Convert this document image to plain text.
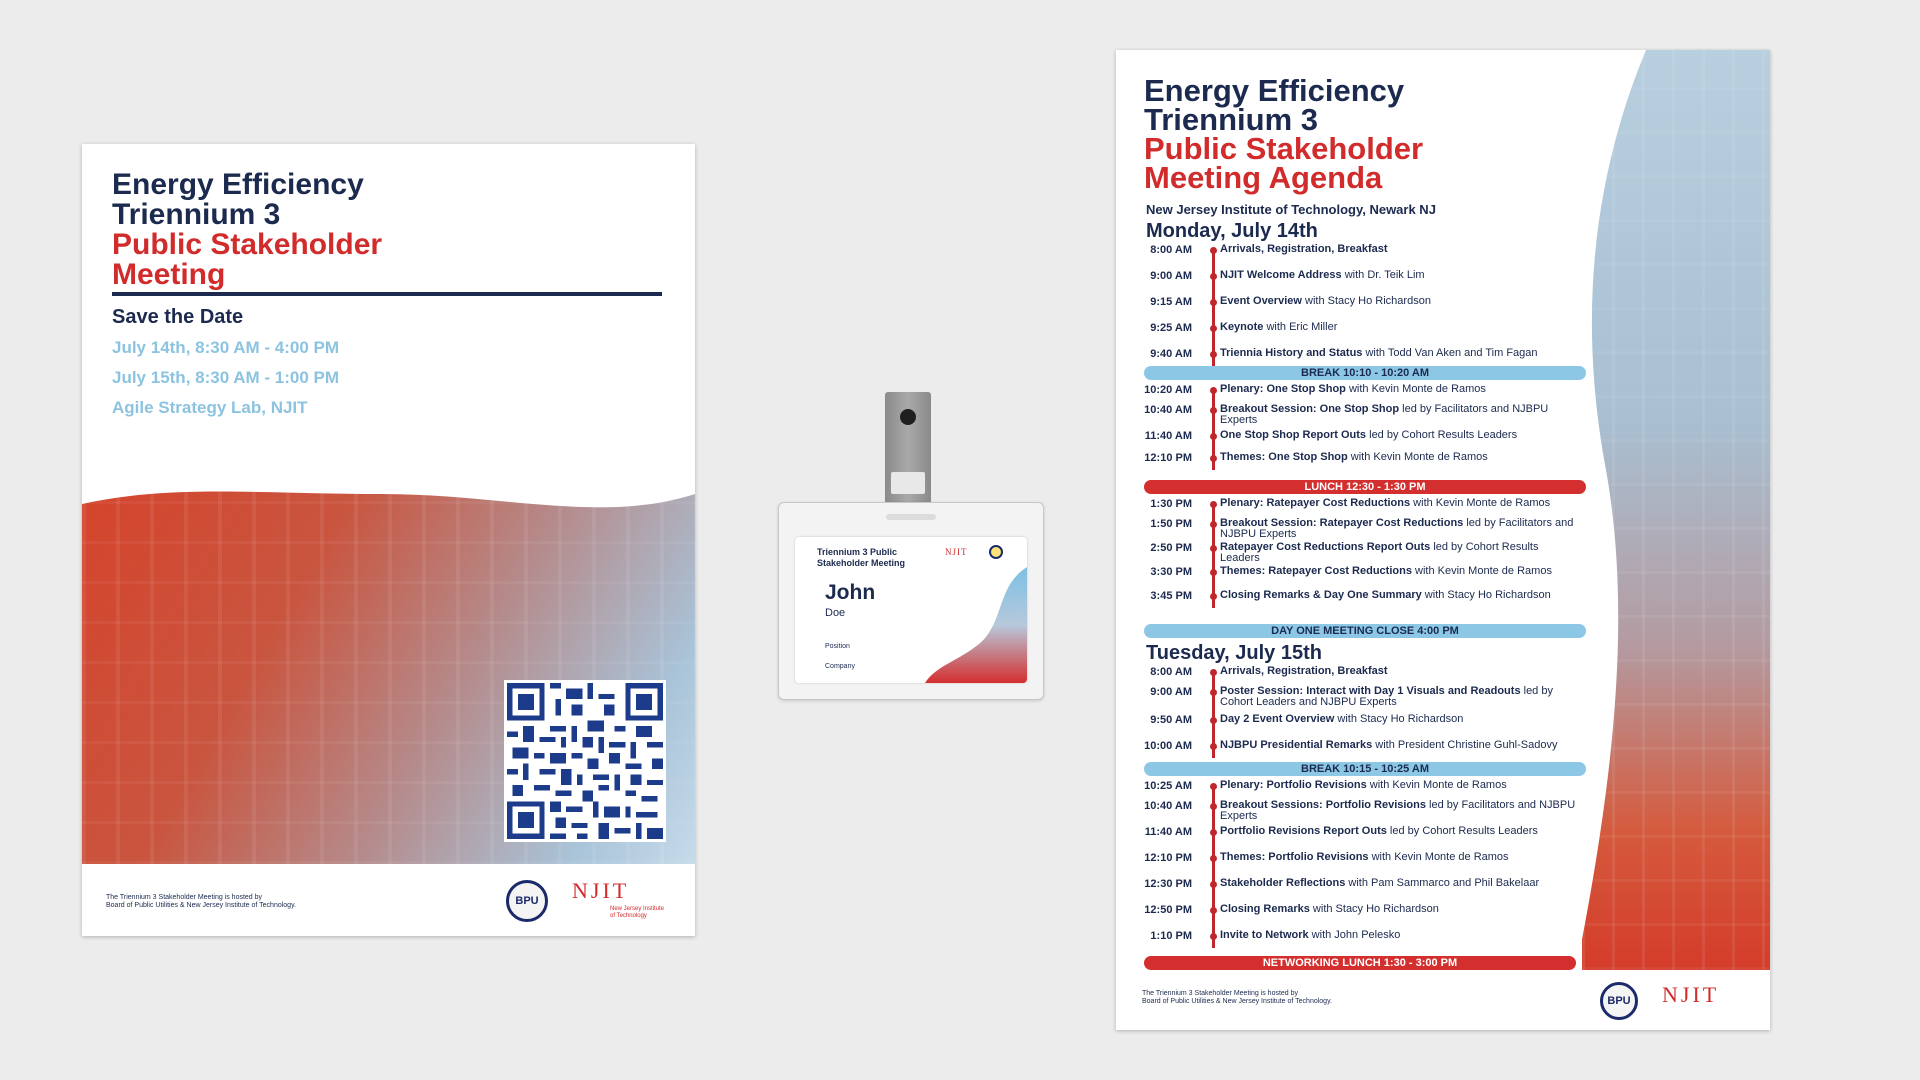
Energy Efficiency

Triennium 3

Public Stakeholder

Meeting

Save the Date
July 14th, 8:30 AM - 4:00 PM
July 15th, 8:30 AM - 1:00 PM
Agile Strategy Lab, NJIT
The Triennium 3 Stakeholder Meeting is hosted by
Board of Public Utilities & New Jersey Institute of Technology.	BPU	NJIT
New Jersey Institute
of Technology
Triennium 3 Public
Stakeholder Meeting
NJIT
John
Doe
Position
Company

Energy Efficiency

Triennium 3

Public Stakeholder

Meeting Agenda

New Jersey Institute of Technology, Newark NJ
Monday, July 14th
8:00 AM	Arrivals, Registration, Breakfast
9:00 AM	NJIT Welcome Address with Dr. Teik Lim
9:15 AM	Event Overview with Stacy Ho Richardson
9:25 AM	Keynote with Eric Miller
9:40 AM	Triennia History and Status with Todd Van Aken and Tim Fagan
BREAK 10:10 - 10:20 AM
10:20 AM	Plenary: One Stop Shop with Kevin Monte de Ramos
10:40 AM	Breakout Session: One Stop Shop led by Facilitators and NJBPU Experts
11:40 AM	One Stop Shop Report Outs led by Cohort Results Leaders
12:10 PM	Themes: One Stop Shop with Kevin Monte de Ramos
LUNCH 12:30 - 1:30 PM
1:30 PM	Plenary: Ratepayer Cost Reductions with Kevin Monte de Ramos
1:50 PM	Breakout Session: Ratepayer Cost Reductions led by Facilitators and NJBPU Experts
2:50 PM	Ratepayer Cost Reductions Report Outs led by Cohort Results Leaders
3:30 PM	Themes: Ratepayer Cost Reductions with Kevin Monte de Ramos
3:45 PM	Closing Remarks & Day One Summary with Stacy Ho Richardson
DAY ONE MEETING CLOSE 4:00 PM
Tuesday, July 15th
8:00 AM	Arrivals, Registration, Breakfast
9:00 AM	Poster Session: Interact with Day 1 Visuals and Readouts led by Cohort Leaders and NJBPU Experts
9:50 AM	Day 2 Event Overview with Stacy Ho Richardson
10:00 AM	NJBPU Presidential Remarks with President Christine Guhl-Sadovy
BREAK 10:15 - 10:25 AM
10:25 AM	Plenary: Portfolio Revisions with Kevin Monte de Ramos
10:40 AM	Breakout Sessions: Portfolio Revisions led by Facilitators and NJBPU Experts
11:40 AM	Portfolio Revisions Report Outs led by Cohort Results Leaders
12:10 PM	Themes: Portfolio Revisions with Kevin Monte de Ramos
12:30 PM	Stakeholder Reflections with Pam Sammarco and Phil Bakelaar
12:50 PM	Closing Remarks with Stacy Ho Richardson
1:10 PM	Invite to Network with John Pelesko
NETWORKING LUNCH 1:30 - 3:00 PM
The Triennium 3 Stakeholder Meeting is hosted by
Board of Public Utilities & New Jersey Institute of Technology.	BPU	NJIT
